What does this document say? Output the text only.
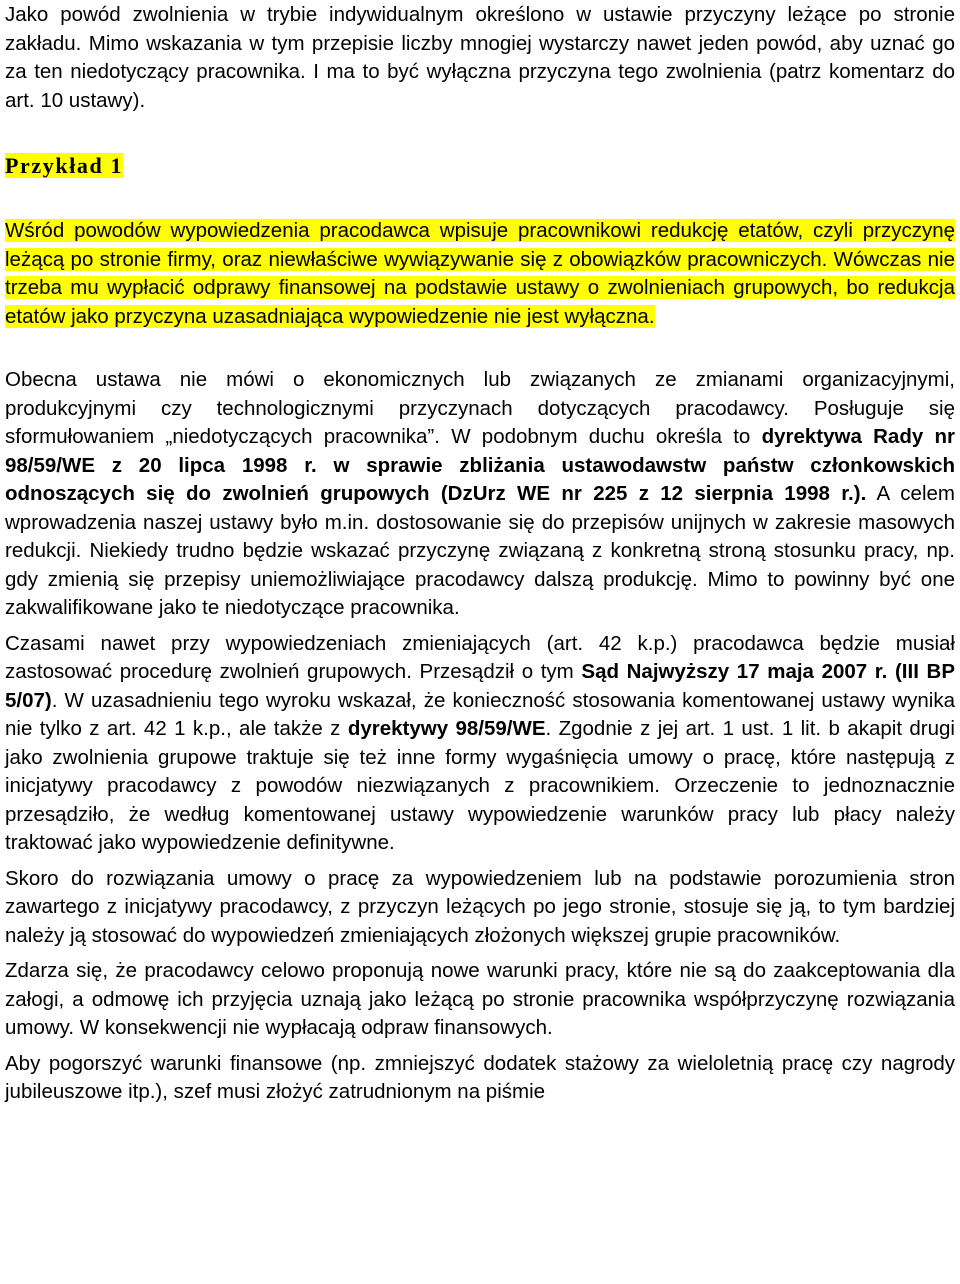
Jako powód zwolnienia w trybie indywidualnym określono w ustawie przyczyny leżące po stronie zakładu. Mimo wskazania w tym przepisie liczby mnogiej wystarczy nawet jeden powód, aby uznać go za ten niedotyczący pracownika. I ma to być wyłączna przyczyna tego zwolnienia (patrz komentarz do art. 10 ustawy).

Przykład 1

Wśród powodów wypowiedzenia pracodawca wpisuje pracownikowi redukcję etatów, czyli przyczynę leżącą po stronie firmy, oraz niewłaściwe wywiązywanie się z obowiązków pracowniczych. Wówczas nie trzeba mu wypłacić odprawy finansowej na podstawie ustawy o zwolnieniach grupowych, bo redukcja etatów jako przyczyna uzasadniająca wypowiedzenie nie jest wyłączna.

Obecna ustawa nie mówi o ekonomicznych lub związanych ze zmianami organizacyjnymi, produkcyjnymi czy technologicznymi przyczynach dotyczących pracodawcy. Posługuje się sformułowaniem „niedotyczących pracownika”. W podobnym duchu określa to dyrektywa Rady nr 98/59/WE z 20 lipca 1998 r. w sprawie zbliżania ustawodawstw państw członkowskich odnoszących się do zwolnień grupowych (DzUrz WE nr 225 z 12 sierpnia 1998 r.). A celem wprowadzenia naszej ustawy było m.in. dostosowanie się do przepisów unijnych w zakresie masowych redukcji. Niekiedy trudno będzie wskazać przyczynę związaną z konkretną stroną stosunku pracy, np. gdy zmienią się przepisy uniemożliwiające pracodawcy dalszą produkcję. Mimo to powinny być one zakwalifikowane jako te niedotyczące pracownika.

Czasami nawet przy wypowiedzeniach zmieniających (art. 42 k.p.) pracodawca będzie musiał zastosować procedurę zwolnień grupowych. Przesądził o tym Sąd Najwyższy 17 maja 2007 r. (III BP 5/07). W uzasadnieniu tego wyroku wskazał, że konieczność stosowania komentowanej ustawy wynika nie tylko z art. 42 1 k.p., ale także z dyrektywy 98/59/WE. Zgodnie z jej art. 1 ust. 1 lit. b akapit drugi jako zwolnienia grupowe traktuje się też inne formy wygaśnięcia umowy o pracę, które następują z inicjatywy pracodawcy z powodów niezwiązanych z pracownikiem. Orzeczenie to jednoznacznie przesądziło, że według komentowanej ustawy wypowiedzenie warunków pracy lub płacy należy traktować jako wypowiedzenie definitywne.

Skoro do rozwiązania umowy o pracę za wypowiedzeniem lub na podstawie porozumienia stron zawartego z inicjatywy pracodawcy, z przyczyn leżących po jego stronie, stosuje się ją, to tym bardziej należy ją stosować do wypowiedzeń zmieniających złożonych większej grupie pracowników.

Zdarza się, że pracodawcy celowo proponują nowe warunki pracy, które nie są do zaakceptowania dla załogi, a odmowę ich przyjęcia uznają jako leżącą po stronie pracownika współprzyczynę rozwiązania umowy. W konsekwencji nie wypłacają odpraw finansowych.

Aby pogorszyć warunki finansowe (np. zmniejszyć dodatek stażowy za wieloletnią pracę czy nagrody jubileuszowe itp.), szef musi złożyć zatrudnionym na piśmie
